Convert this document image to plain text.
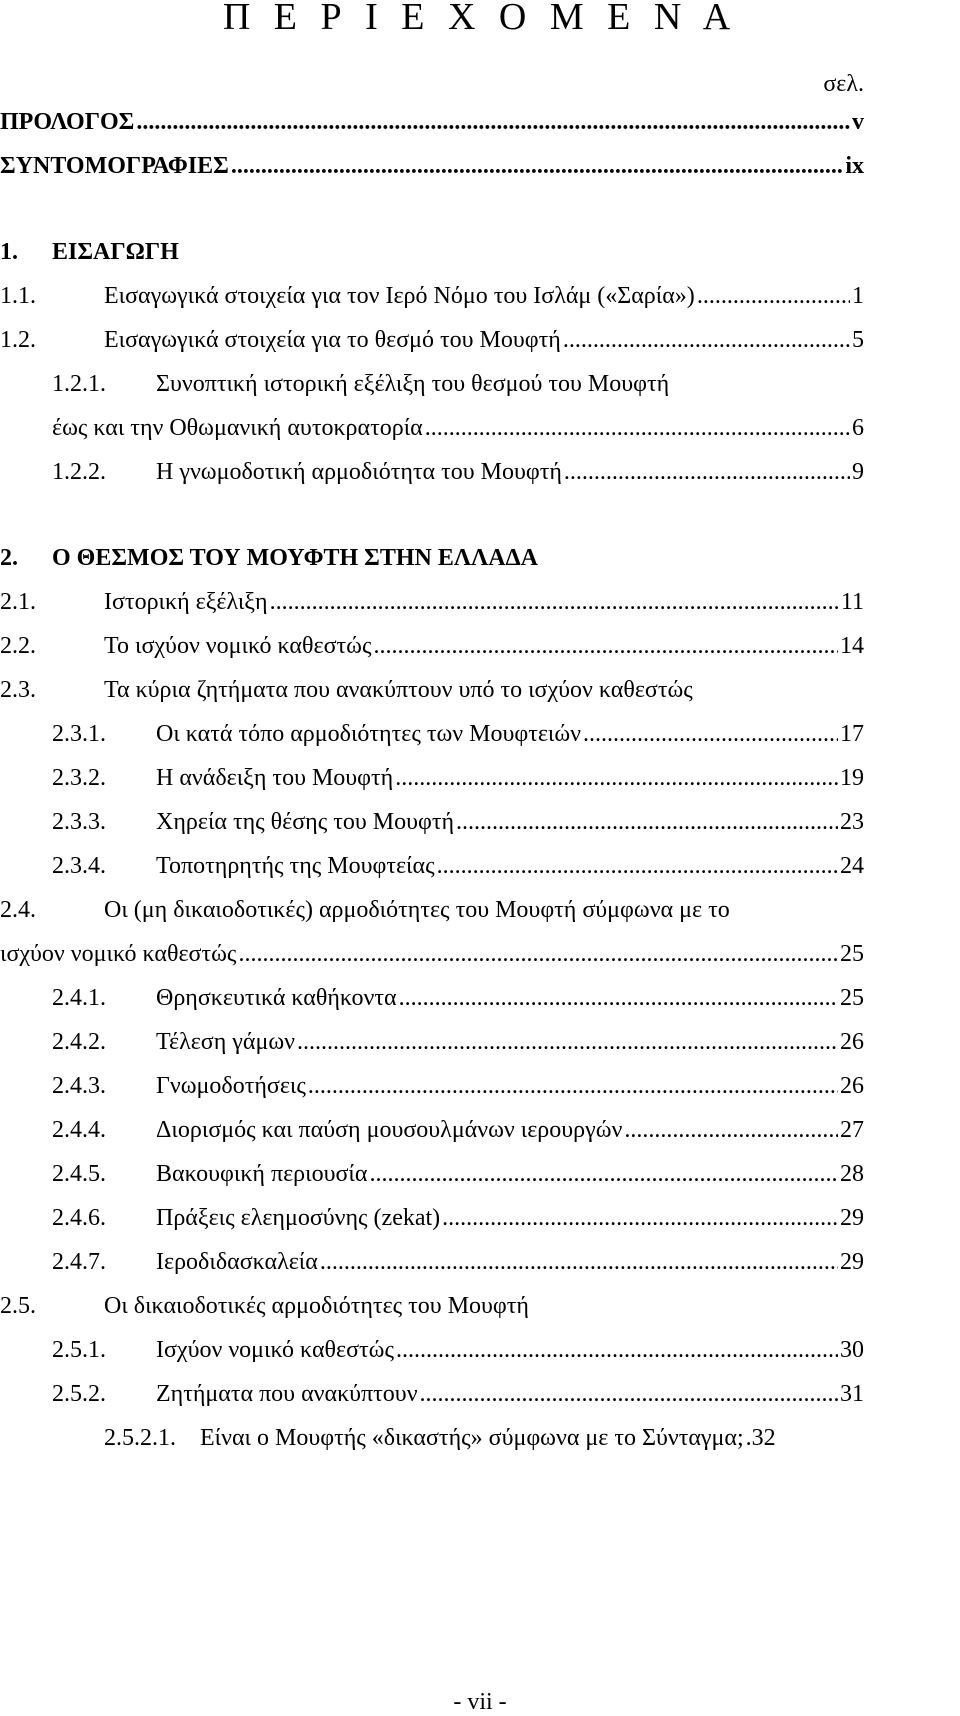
Π Ε Ρ Ι Ε Χ Ο Μ Ε Ν Α
σελ.
ΠΡΟΛΟΓΟΣ .....	v
ΣΥΝΤΟΜΟΓΡΑΦΙΕΣ .....	ix
1.	ΕΙΣΑΓΩΓΗ
1.1.	Εισαγωγικά στοιχεία για τον Ιερό Νόμο του Ισλάμ («Σαρία») .....	1
1.2.	Εισαγωγικά στοιχεία για το θεσμό του Μουφτή .....	5
1.2.1.	Συνοπτική ιστορική εξέλιξη του θεσμού του Μουφτή
έως και την Οθωμανική αυτοκρατορία .....	6
1.2.2.	Η γνωμοδοτική αρμοδιότητα του Μουφτή .....	9
2.	Ο ΘΕΣΜΟΣ ΤΟΥ ΜΟΥΦΤΗ ΣΤΗΝ ΕΛΛΑΔΑ
2.1.	Ιστορική εξέλιξη .....	11
2.2.	Το ισχύον νομικό καθεστώς .....	14
2.3.	Τα κύρια ζητήματα που ανακύπτουν υπό το ισχύον καθεστώς
2.3.1.	Οι κατά τόπο αρμοδιότητες των Μουφτειών .....	17
2.3.2.	Η ανάδειξη του Μουφτή .....	19
2.3.3.	Χηρεία της θέσης του Μουφτή .....	23
2.3.4.	Τοποτηρητής της Μουφτείας .....	24
2.4.	Οι (μη δικαιοδοτικές) αρμοδιότητες του Μουφτή σύμφωνα με το
ισχύον νομικό καθεστώς .....	25
2.4.1.	Θρησκευτικά καθήκοντα .....	25
2.4.2.	Τέλεση γάμων .....	26
2.4.3.	Γνωμοδοτήσεις .....	26
2.4.4.	Διορισμός και παύση μουσουλμάνων ιερουργών .....	27
2.4.5.	Βακουφική περιουσία .....	28
2.4.6.	Πράξεις ελεημοσύνης (zekat) .....	29
2.4.7.	Ιεροδιδασκαλεία .....	29
2.5.	Οι δικαιοδοτικές αρμοδιότητες του Μουφτή
2.5.1.	Ισχύον νομικό καθεστώς .....	30
2.5.2.	Ζητήματα που ανακύπτουν .....	31
2.5.2.1.	Είναι ο Μουφτής «δικαστής» σύμφωνα με το Σύνταγμα; ..... 32
- vii -
